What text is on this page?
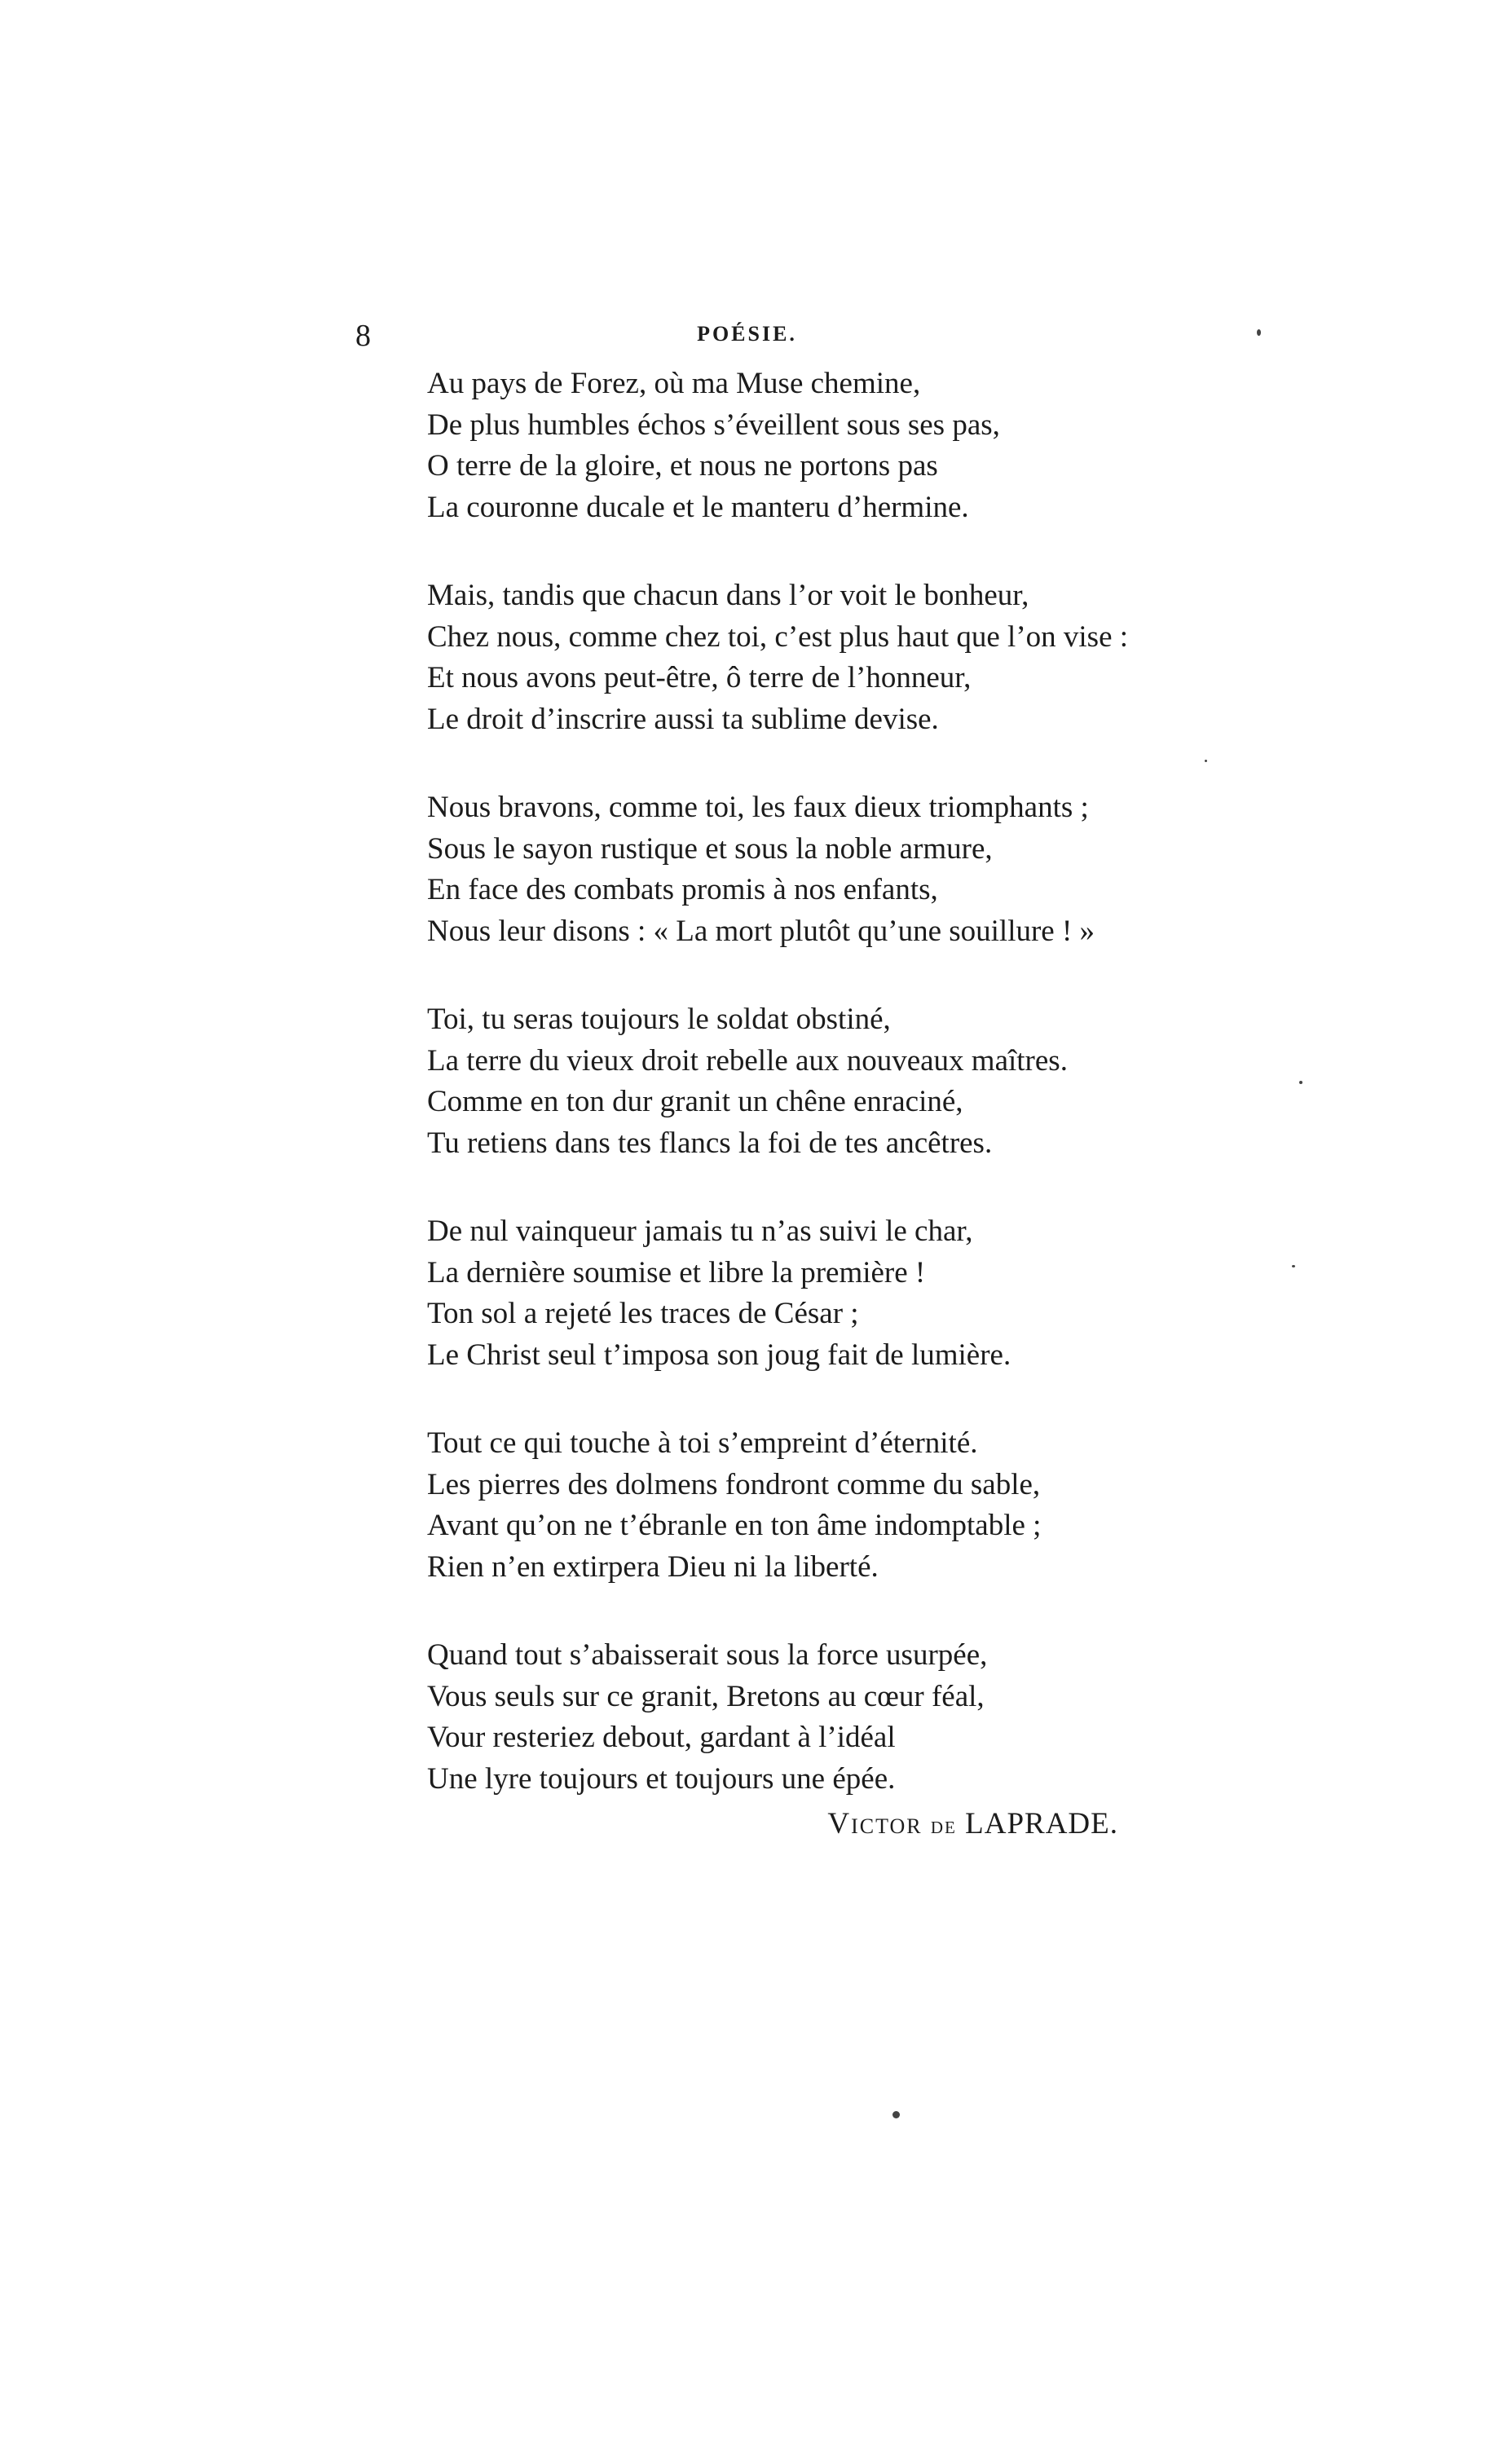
8	POÉSIE.
Au pays de Forez, où ma Muse chemine,
De plus humbles échos s’éveillent sous ses pas,
O terre de la gloire, et nous ne portons pas
La couronne ducale et le manteru d’hermine.
Mais, tandis que chacun dans l’or voit le bonheur,
Chez nous, comme chez toi, c’est plus haut que l’on vise :
Et nous avons peut-être, ô terre de l’honneur,
Le droit d’inscrire aussi ta sublime devise.
Nous bravons, comme toi, les faux dieux triomphants ;
Sous le sayon rustique et sous la noble armure,
En face des combats promis à nos enfants,
Nous leur disons : « La mort plutôt qu’une souillure ! »
Toi, tu seras toujours le soldat obstiné,
La terre du vieux droit rebelle aux nouveaux maîtres.
Comme en ton dur granit un chêne enraciné,
Tu retiens dans tes flancs la foi de tes ancêtres.
De nul vainqueur jamais tu n’as suivi le char,
La dernière soumise et libre la première !
Ton sol a rejeté les traces de César ;
Le Christ seul t’imposa son joug fait de lumière.
Tout ce qui touche à toi s’empreint d’éternité.
Les pierres des dolmens fondront comme du sable,
Avant qu’on ne t’ébranle en ton âme indomptable ;
Rien n’en extirpera Dieu ni la liberté.
Quand tout s’abaisserait sous la force usurpée,
Vous seuls sur ce granit, Bretons au cœur féal,
Vour resteriez debout, gardant à l’idéal
Une lyre toujours et toujours une épée.
Victor de LAPRADE.
